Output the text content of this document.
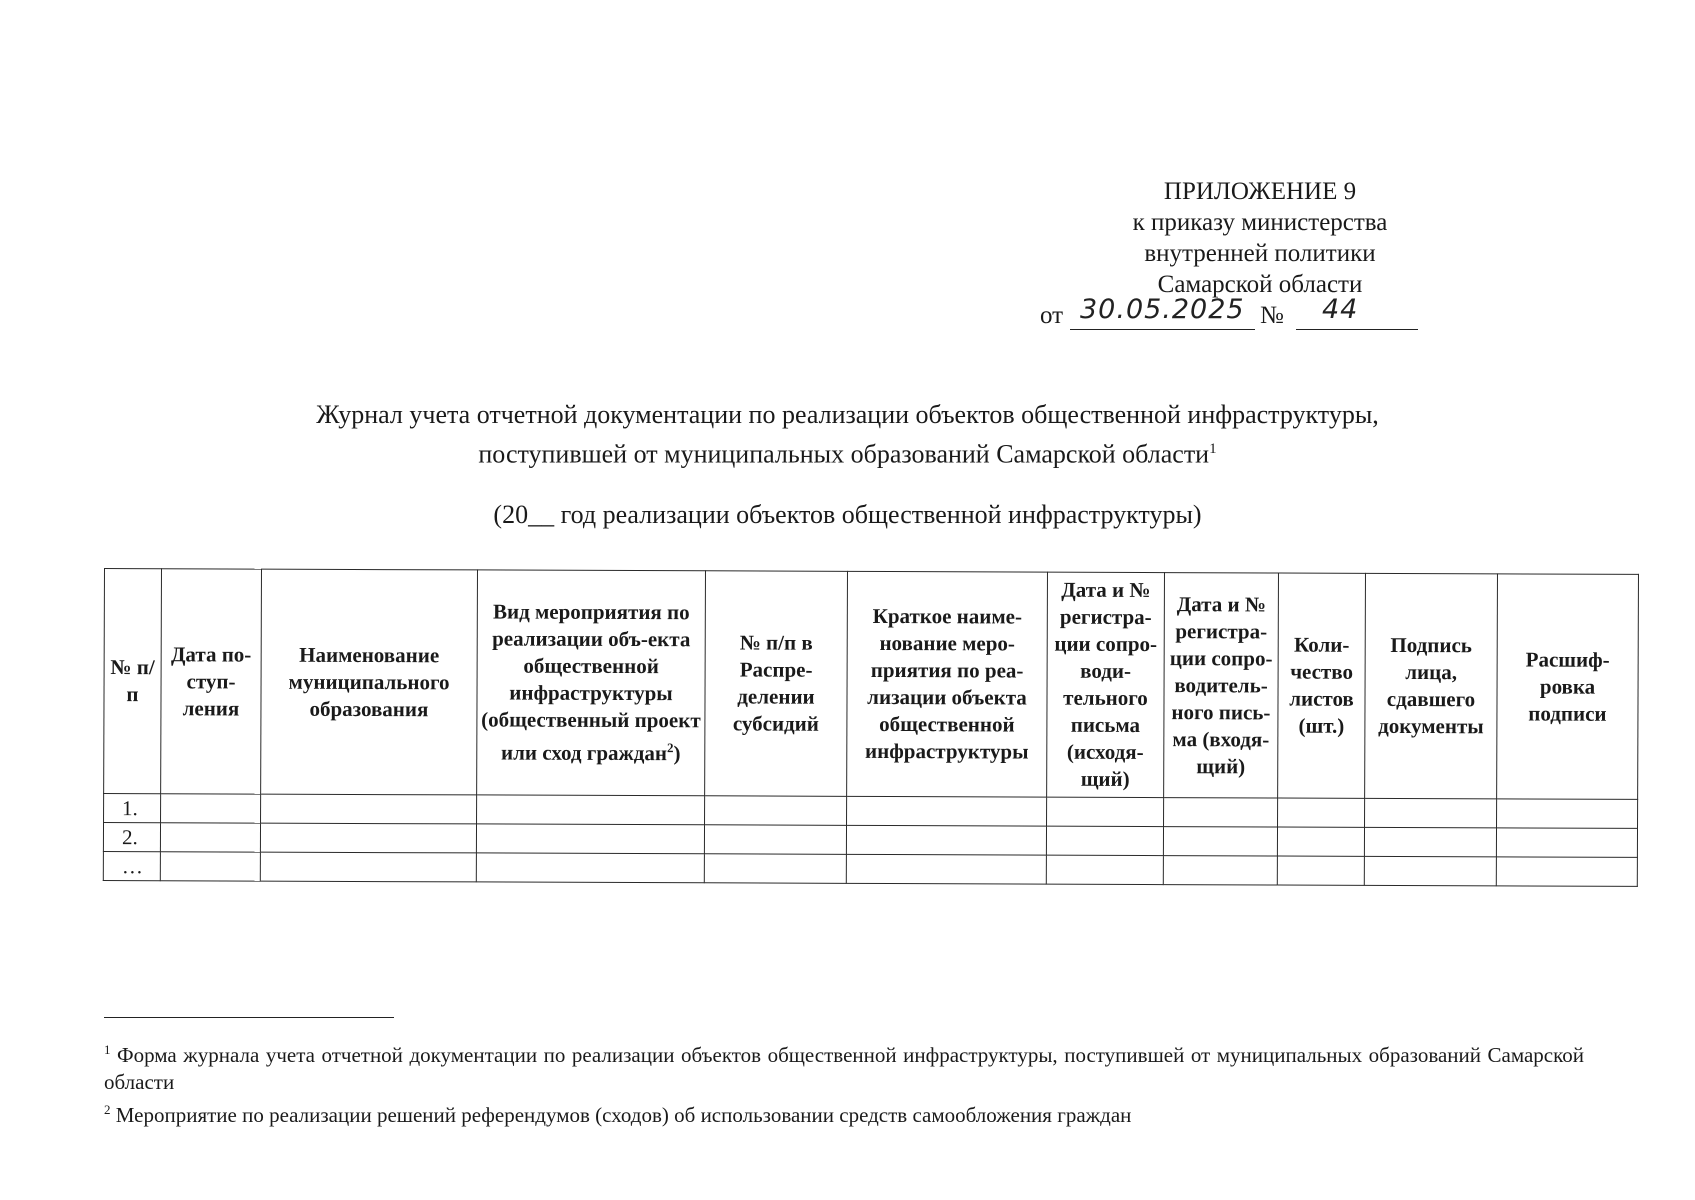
ПРИЛОЖЕНИЕ 9
к приказу министерства
внутренней политики
Самарской области
от 30.05.2025 № 44
Журнал учета отчетной документации по реализации объектов общественной инфраструктуры,
поступившей от муниципальных образований Самарской области$^1$
(20__ год реализации объектов общественной инфраструктуры)
№ п/п	Дата по-ступ-ления	Наименование муниципального образования	Вид мероприятия по реализации объ-екта общественной инфраструктуры (общественный проект или сход граждан$^2$)	№ п/п в Распре-делении субсидий	Краткое наиме-нование меро-приятия по реа-лизации объекта общественной инфраструктуры	Дата и № регистра-ции сопро-води-тельного письма (исходя-щий)	Дата и № регистра-ции сопро-водитель-ного пись-ма (входя-щий)	Коли-чество листов (шт.)	Подпись лица, сдавшего документы	Расшиф-ровка подписи
1.										
2.										
…										

$^1$ Форма журнала учета отчетной документации по реализации объектов общественной инфраструктуры, поступившей от муниципальных образований Самарской области

$^2$ Мероприятие по реализации решений референдумов (сходов) об использовании средств самообложения граждан
